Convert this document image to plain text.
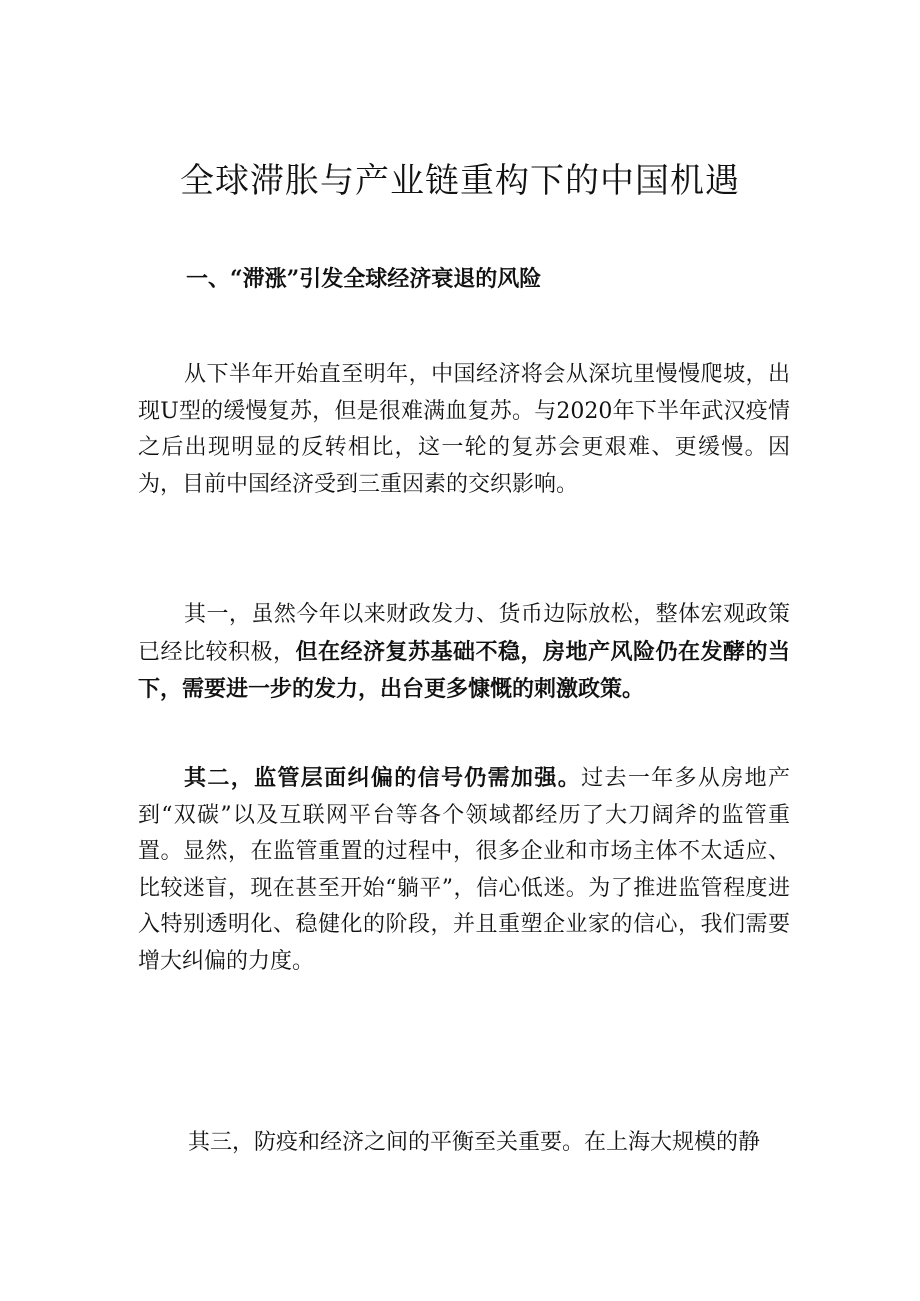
全球滞胀与产业链重构下的中国机遇
一、“滞涨”引发全球经济衰退的风险

从下半年开始直至明年，中国经济将会从深坑里慢慢爬坡，出现U型的缓慢复苏，但是很难满血复苏。与2020年下半年武汉疫情之后出现明显的反转相比，这一轮的复苏会更艰难、更缓慢。因为，目前中国经济受到三重因素的交织影响。

其一，虽然今年以来财政发力、货币边际放松，整体宏观政策已经比较积极，但在经济复苏基础不稳，房地产风险仍在发酵的当下，需要进一步的发力，出台更多慷慨的刺激政策。

其二，监管层面纠偏的信号仍需加强。过去一年多从房地产到“双碳”以及互联网平台等各个领域都经历了大刀阔斧的监管重置。显然，在监管重置的过程中，很多企业和市场主体不太适应、比较迷盲，现在甚至开始“躺平”，信心低迷。为了推进监管程度进入特别透明化、稳健化的阶段，并且重塑企业家的信心，我们需要增大纠偏的力度。

其三，防疫和经济之间的平衡至关重要。在上海大规模的静
